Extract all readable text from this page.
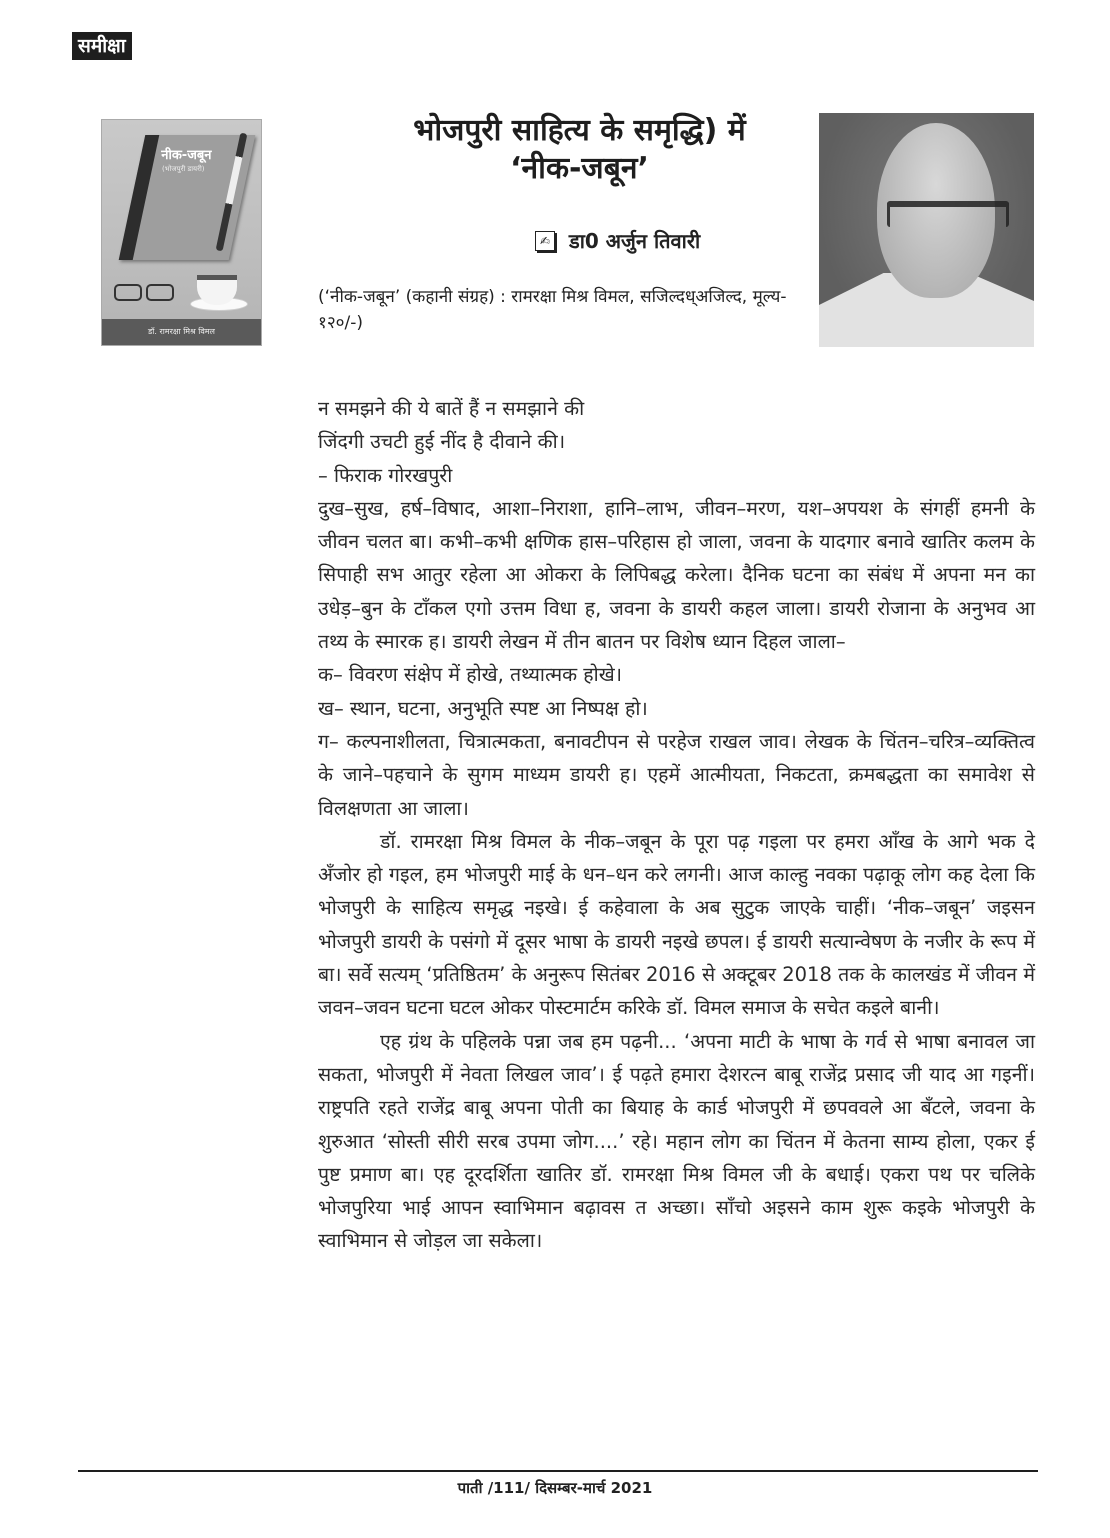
समीक्षा
नीक-जबून
(भोजपुरी डायरी)
डॉ. रामरक्षा मिश्र विमल
भोजपुरी साहित्य के समृद्धि) में
‘नीक-जबून’
✍ डा0 अर्जुन तिवारी
(‘नीक-जबून’ (कहानी संग्रह) : रामरक्षा मिश्र विमल, सजिल्दध्अजिल्द, मूल्य- १२०/-)

न समझने की ये बातें हैं न समझाने की

जिंदगी उचटी हुई नींद है दीवाने की।

– फिराक गोरखपुरी

दुख–सुख, हर्ष–विषाद, आशा–निराशा, हानि–लाभ, जीवन–मरण, यश–अपयश के संगहीं हमनी के जीवन चलत बा। कभी–कभी क्षणिक हास–परिहास हो जाला, जवना के यादगार बनावे खातिर कलम के सिपाही सभ आतुर रहेला आ ओकरा के लिपिबद्ध करेला। दैनिक घटना का संबंध में अपना मन का उधेड़–बुन के टाँकल एगो उत्तम विधा ह, जवना के डायरी कहल जाला। डायरी रोजाना के अनुभव आ तथ्य के स्मारक ह। डायरी लेखन में तीन बातन पर विशेष ध्यान दिहल जाला–

क– विवरण संक्षेप में होखे, तथ्यात्मक होखे।

ख– स्थान, घटना, अनुभूति स्पष्ट आ निष्पक्ष हो।

ग– कल्पनाशीलता, चित्रात्मकता, बनावटीपन से परहेज राखल जाव। लेखक के चिंतन–चरित्र–व्यक्तित्व के जाने–पहचाने के सुगम माध्यम डायरी ह। एहमें आत्मीयता, निकटता, क्रमबद्धता का समावेश से विलक्षणता आ जाला।

डॉ. रामरक्षा मिश्र विमल के नीक–जबून के पूरा पढ़ गइला पर हमरा आँख के आगे भक दे अँजोर हो गइल, हम भोजपुरी माई के धन–धन करे लगनी। आज काल्हु नवका पढ़ाकू लोग कह देला कि भोजपुरी के साहित्य समृद्ध नइखे। ई कहेवाला के अब सुटुक जाएके चाहीं। ‘नीक–जबून’ जइसन भोजपुरी डायरी के पसंगो में दूसर भाषा के डायरी नइखे छपल। ई डायरी सत्यान्वेषण के नजीर के रूप में बा। सर्वे सत्यम् ‘प्रतिष्ठितम’ के अनुरूप सितंबर 2016 से अक्टूबर 2018 तक के कालखंड में जीवन में जवन–जवन घटना घटल ओकर पोस्टमार्टम करिके डॉ. विमल समाज के सचेत कइले बानी।

एह ग्रंथ के पहिलके पन्ना जब हम पढ़नी... ‘अपना माटी के भाषा के गर्व से भाषा बनावल जा सकता, भोजपुरी में नेवता लिखल जाव’। ई पढ़ते हमारा देशरत्न बाबू राजेंद्र प्रसाद जी याद आ गइनीं। राष्ट्रपति रहते राजेंद्र बाबू अपना पोती का बियाह के कार्ड भोजपुरी में छपववले आ बँटले, जवना के शुरुआत ‘सोस्ती सीरी सरब उपमा जोग....’ रहे। महान लोग का चिंतन में केतना साम्य होला, एकर ई पुष्ट प्रमाण बा। एह दूरदर्शिता खातिर डॉ. रामरक्षा मिश्र विमल जी के बधाई। एकरा पथ पर चलिके भोजपुरिया भाई आपन स्वाभिमान बढ़ावस त अच्छा। साँचो अइसने काम शुरू कइके भोजपुरी के स्वाभिमान से जोड़ल जा सकेला।

पाती /111/ दिसम्बर-मार्च 2021
